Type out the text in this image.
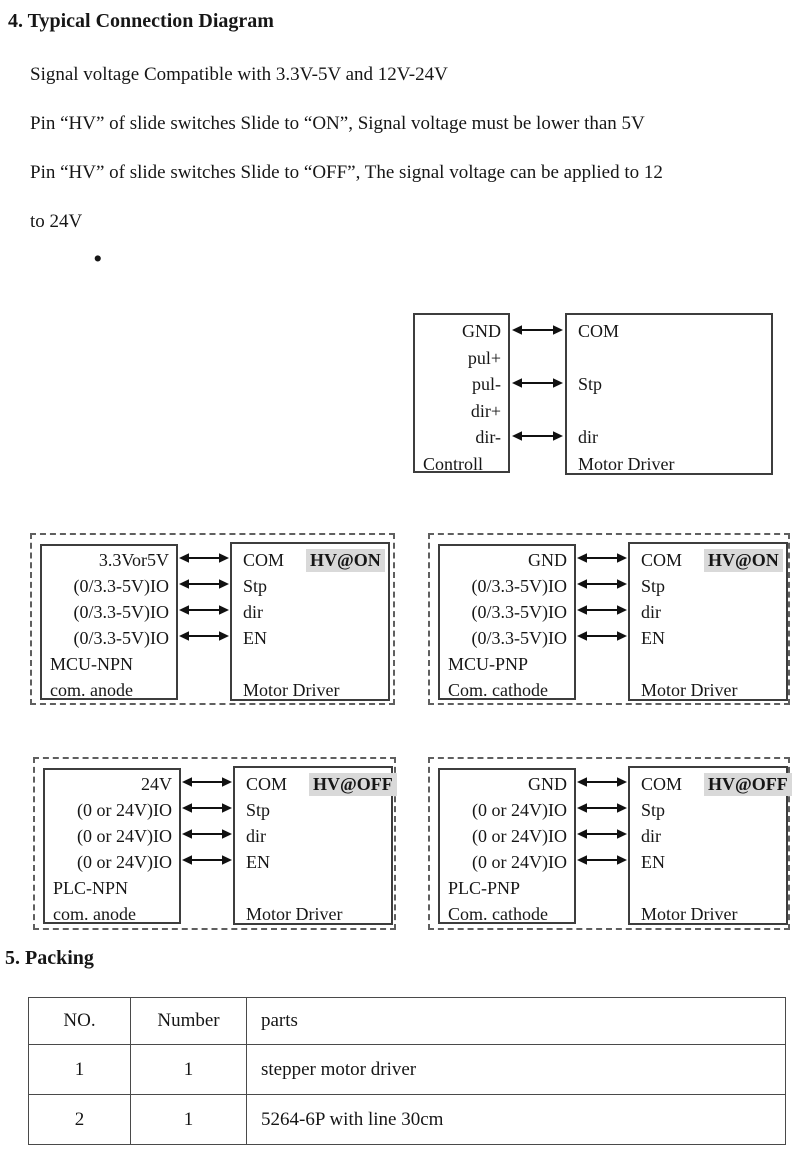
4. Typical Connection Diagram
Signal voltage Compatible with 3.3V-5V and 12V-24V
Pin “HV” of slide switches Slide to “ON”, Signal voltage must be lower than 5V
Pin “HV” of slide switches Slide to “OFF”, The signal voltage can be applied to 12
to 24V
.
GND
pul+
pul-
dir+
dir-
Controll
COM
Stp
dir
Motor Driver
3.3Vor5V
(0/3.3-5V)IO
(0/3.3-5V)IO
(0/3.3-5V)IO
MCU-NPN
com. anode
COM HV@ON
Stp
dir
EN
Motor Driver
GND
(0/3.3-5V)IO
(0/3.3-5V)IO
(0/3.3-5V)IO
MCU-PNP
Com. cathode
COM HV@ON
Stp
dir
EN
Motor Driver
24V
(0 or 24V)IO
(0 or 24V)IO
(0 or 24V)IO
PLC-NPN
com. anode
COM HV@OFF
Stp
dir
EN
Motor Driver
GND
(0 or 24V)IO
(0 or 24V)IO
(0 or 24V)IO
PLC-PNP
Com. cathode
COM HV@OFF
Stp
dir
EN
Motor Driver
5. Packing
NO.	Number	parts
1	1	stepper motor driver
2	1	5264-6P with line 30cm
